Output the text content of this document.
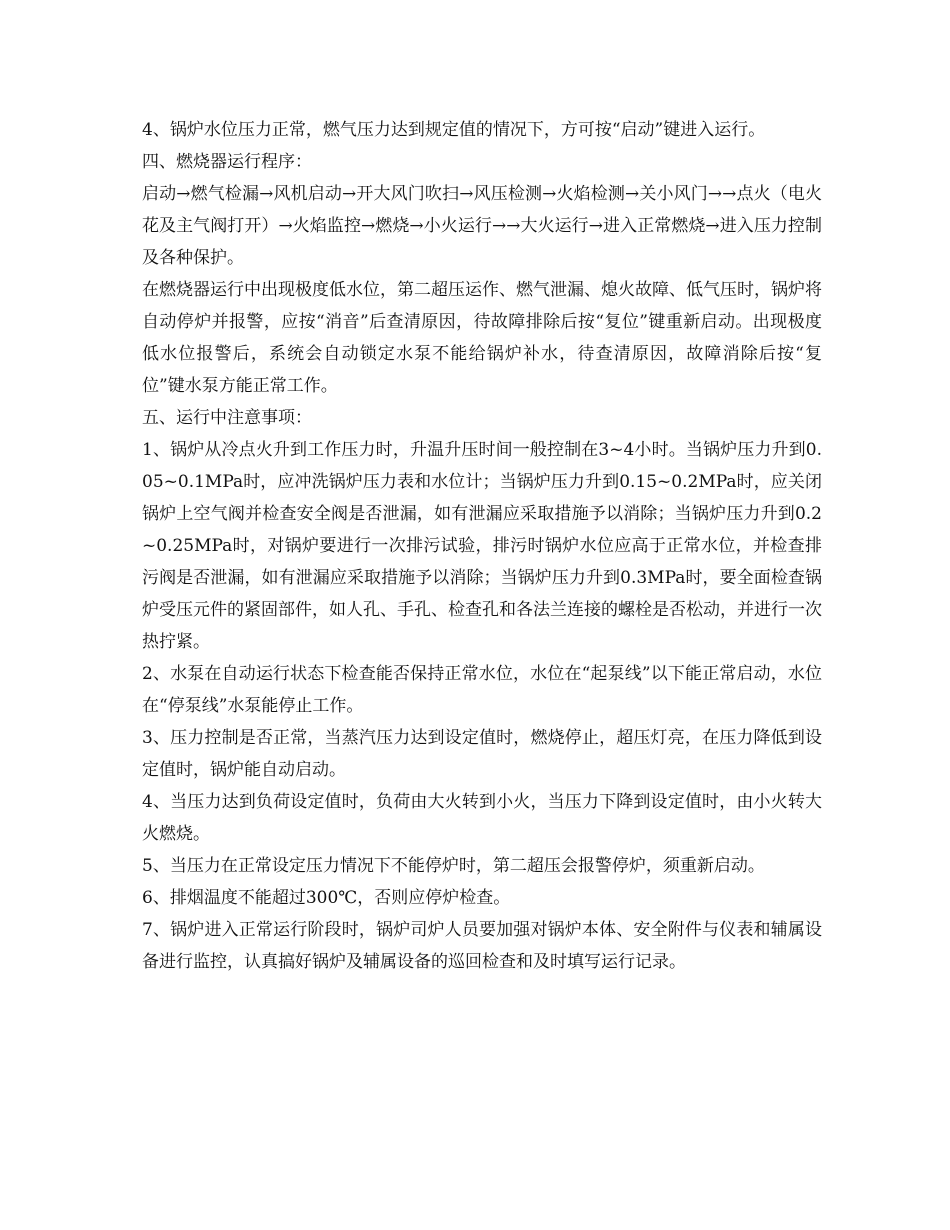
4、锅炉水位压力正常，燃气压力达到规定值的情况下，方可按“启动”键进入运行。

四、燃烧器运行程序：

启动→燃气检漏→风机启动→开大风门吹扫→风压检测→火焰检测→关小风门→→点火（电火花及主气阀打开）→火焰监控→燃烧→小火运行→→大火运行→进入正常燃烧→进入压力控制及各种保护。

在燃烧器运行中出现极度低水位，第二超压运作、燃气泄漏、熄火故障、低气压时，锅炉将自动停炉并报警，应按“消音”后查清原因，待故障排除后按“复位”键重新启动。出现极度低水位报警后，系统会自动锁定水泵不能给锅炉补水，待查清原因，故障消除后按“复位”键水泵方能正常工作。

五、运行中注意事项：

1、锅炉从冷点火升到工作压力时，升温升压时间一般控制在3~4小时。当锅炉压力升到0.05~0.1MPa时，应冲洗锅炉压力表和水位计；当锅炉压力升到0.15~0.2MPa时，应关闭锅炉上空气阀并检查安全阀是否泄漏，如有泄漏应采取措施予以消除；当锅炉压力升到0.2~0.25MPa时，对锅炉要进行一次排污试验，排污时锅炉水位应高于正常水位，并检查排污阀是否泄漏，如有泄漏应采取措施予以消除；当锅炉压力升到0.3MPa时，要全面检查锅炉受压元件的紧固部件，如人孔、手孔、检查孔和各法兰连接的螺栓是否松动，并进行一次热拧紧。

2、水泵在自动运行状态下检查能否保持正常水位，水位在“起泵线”以下能正常启动，水位在“停泵线”水泵能停止工作。

3、压力控制是否正常，当蒸汽压力达到设定值时，燃烧停止，超压灯亮，在压力降低到设定值时，锅炉能自动启动。

4、当压力达到负荷设定值时，负荷由大火转到小火，当压力下降到设定值时，由小火转大火燃烧。

5、当压力在正常设定压力情况下不能停炉时，第二超压会报警停炉，须重新启动。

6、排烟温度不能超过300℃，否则应停炉检查。

7、锅炉进入正常运行阶段时，锅炉司炉人员要加强对锅炉本体、安全附件与仪表和辅属设备进行监控，认真搞好锅炉及辅属设备的巡回检查和及时填写运行记录。
